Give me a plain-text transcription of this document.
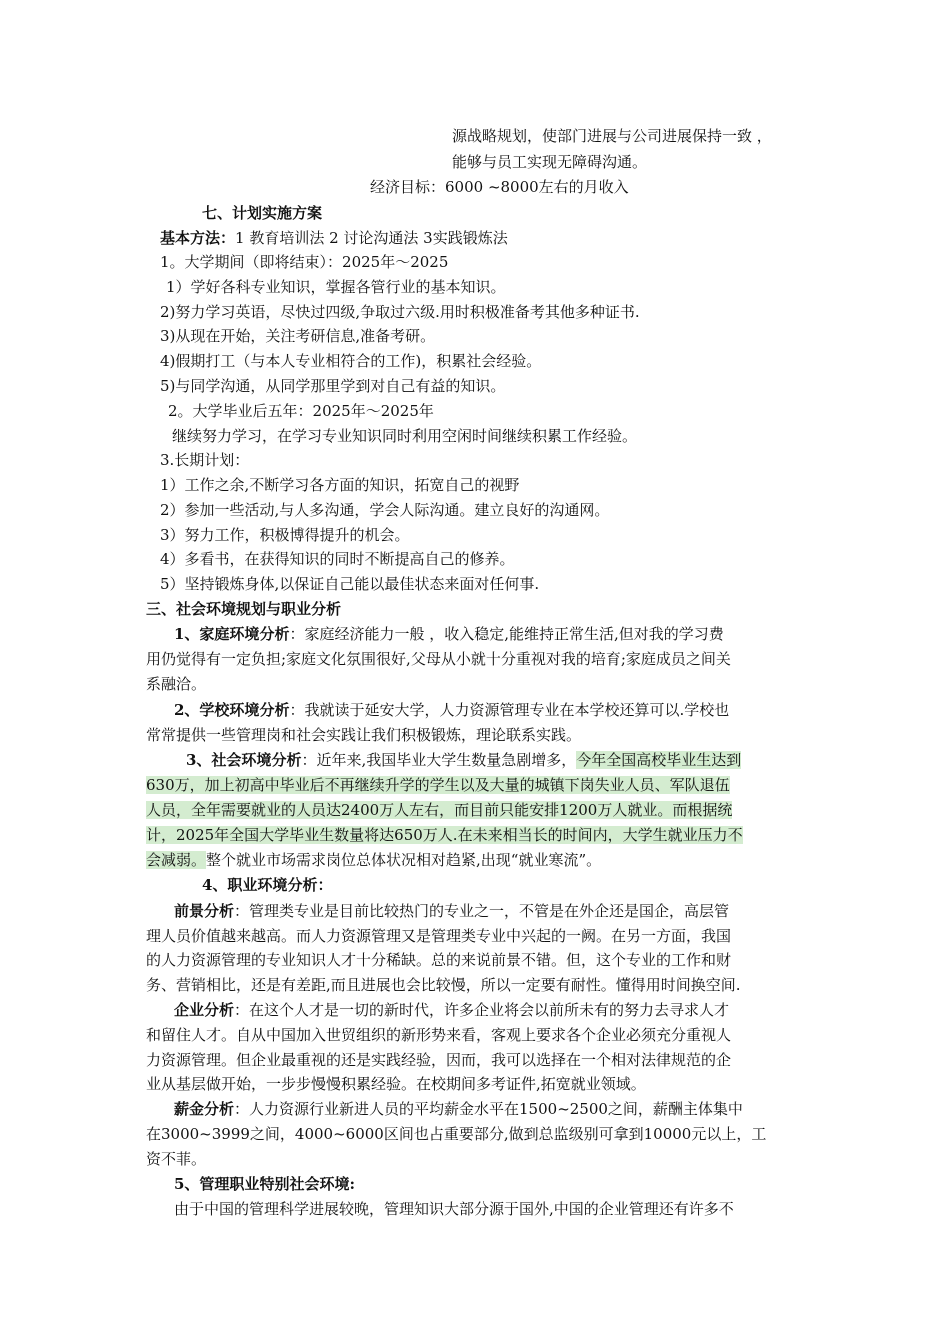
源战略规划，使部门进展与公司进展保持一致 ，
能够与员工实现无障碍沟通。
经济目标：6000 ~8000左右的月收入
七、计划实施方案
基本方法：1 教育培训法 2 讨论沟通法 3实践锻炼法
1。大学期间（即将结束）：2025年～2025
1）学好各科专业知识，掌握各管行业的基本知识。
2)努力学习英语，尽快过四级,争取过六级.用时积极准备考其他多种证书.
3)从现在开始，关注考研信息,准备考研。
4)假期打工（与本人专业相符合的工作)，积累社会经验。
5)与同学沟通，从同学那里学到对自己有益的知识。
2。大学毕业后五年：2025年～2025年
继续努力学习，在学习专业知识同时利用空闲时间继续积累工作经验。
3.长期计划：
1）工作之余,不断学习各方面的知识，拓宽自己的视野
2）参加一些活动,与人多沟通，学会人际沟通。建立良好的沟通网。
3）努力工作，积极博得提升的机会。
4）多看书，在获得知识的同时不断提高自己的修养。
5）坚持锻炼身体,以保证自己能以最佳状态来面对任何事.
三、社会环境规划与职业分析
1、家庭环境分析：家庭经济能力一般 ，收入稳定,能维持正常生活,但对我的学习费
用仍觉得有一定负担;家庭文化氛围很好,父母从小就十分重视对我的培育;家庭成员之间关
系融洽。
2、学校环境分析：我就读于延安大学，人力资源管理专业在本学校还算可以.学校也
常常提供一些管理岗和社会实践让我们积极锻炼，理论联系实践。
3、社会环境分析：近年来,我国毕业大学生数量急剧增多，今年全国高校毕业生达到
630万，加上初高中毕业后不再继续升学的学生以及大量的城镇下岗失业人员、军队退伍
人员，全年需要就业的人员达2400万人左右，而目前只能安排1200万人就业。而根据统
计，2025年全国大学毕业生数量将达650万人.在未来相当长的时间内，大学生就业压力不
会减弱。整个就业市场需求岗位总体状况相对趋紧,出现“就业寒流”。
4、职业环境分析：
前景分析：管理类专业是目前比较热门的专业之一，不管是在外企还是国企，高层管
理人员价值越来越高。而人力资源管理又是管理类专业中兴起的一阙。在另一方面，我国
的人力资源管理的专业知识人才十分稀缺。总的来说前景不错。但，这个专业的工作和财
务、营销相比，还是有差距,而且进展也会比较慢，所以一定要有耐性。懂得用时间换空间.
企业分析：在这个人才是一切的新时代，许多企业将会以前所未有的努力去寻求人才
和留住人才。自从中国加入世贸组织的新形势来看，客观上要求各个企业必须充分重视人
力资源管理。但企业最重视的还是实践经验，因而，我可以选择在一个相对法律规范的企
业从基层做开始，一步步慢慢积累经验。在校期间多考证件,拓宽就业领域。
薪金分析：人力资源行业新进人员的平均薪金水平在1500~2500之间，薪酬主体集中
在3000~3999之间，4000~6000区间也占重要部分,做到总监级别可拿到10000元以上，工
资不菲。
5、管理职业特别社会环境:
由于中国的管理科学进展较晚，管理知识大部分源于国外,中国的企业管理还有许多不
